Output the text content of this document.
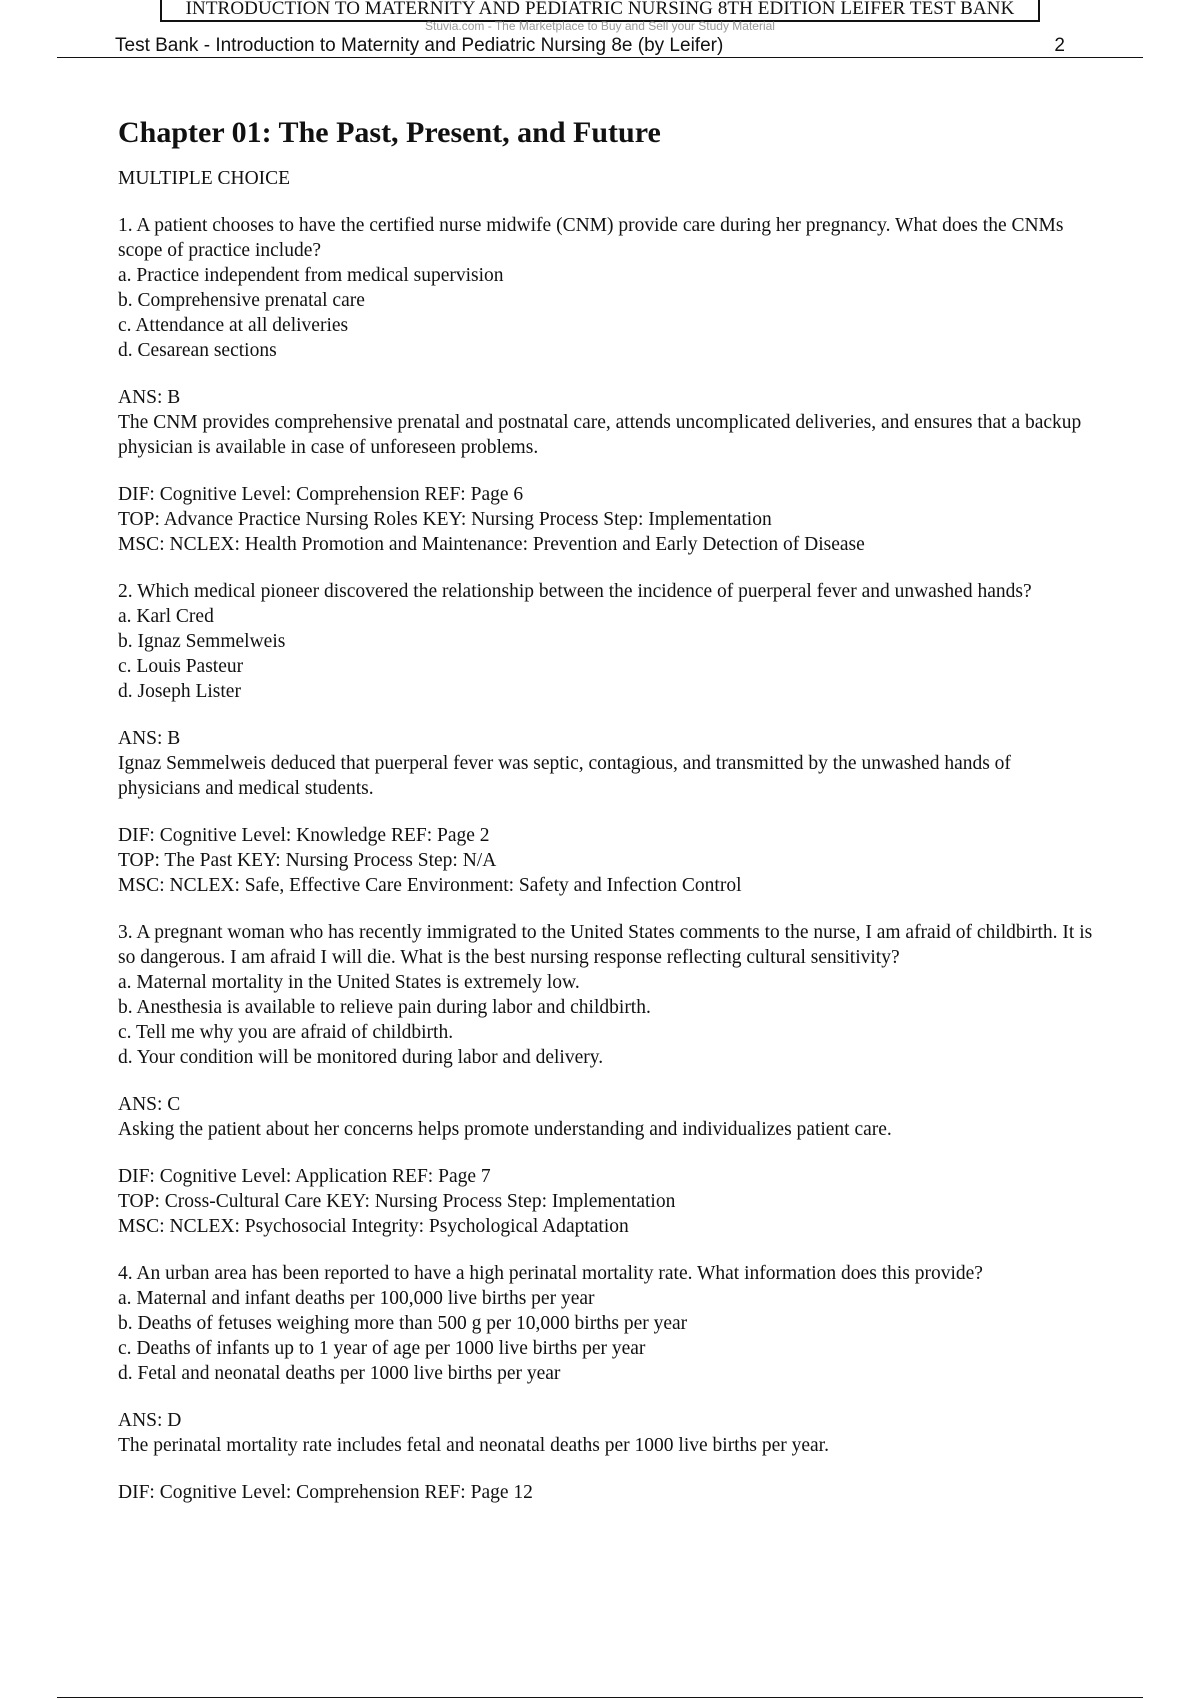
INTRODUCTION TO MATERNITY AND PEDIATRIC NURSING 8TH EDITION LEIFER TEST BANK
Stuvia.com - The Marketplace to Buy and Sell your Study Material
Test Bank - Introduction to Maternity and Pediatric Nursing 8e (by Leifer)	2
Chapter 01: The Past, Present, and Future
MULTIPLE CHOICE

1. A patient chooses to have the certified nurse midwife (CNM) provide care during her pregnancy. What does the CNMs scope of practice include?

a. Practice independent from medical supervision
b. Comprehensive prenatal care
c. Attendance at all deliveries
d. Cesarean sections
ANS: B
The CNM provides comprehensive prenatal and postnatal care, attends uncomplicated deliveries, and ensures that a backup physician is available in case of unforeseen problems.
DIF: Cognitive Level: Comprehension REF: Page 6
TOP: Advance Practice Nursing Roles KEY: Nursing Process Step: Implementation
MSC: NCLEX: Health Promotion and Maintenance: Prevention and Early Detection of Disease

2. Which medical pioneer discovered the relationship between the incidence of puerperal fever and unwashed hands?

a. Karl Cred
b. Ignaz Semmelweis
c. Louis Pasteur
d. Joseph Lister
ANS: B
Ignaz Semmelweis deduced that puerperal fever was septic, contagious, and transmitted by the unwashed hands of physicians and medical students.
DIF: Cognitive Level: Knowledge REF: Page 2
TOP: The Past KEY: Nursing Process Step: N/A
MSC: NCLEX: Safe, Effective Care Environment: Safety and Infection Control

3. A pregnant woman who has recently immigrated to the United States comments to the nurse, I am afraid of childbirth. It is so dangerous. I am afraid I will die. What is the best nursing response reflecting cultural sensitivity?

a. Maternal mortality in the United States is extremely low.
b. Anesthesia is available to relieve pain during labor and childbirth.
c. Tell me why you are afraid of childbirth.
d. Your condition will be monitored during labor and delivery.
ANS: C
Asking the patient about her concerns helps promote understanding and individualizes patient care.
DIF: Cognitive Level: Application REF: Page 7
TOP: Cross-Cultural Care KEY: Nursing Process Step: Implementation
MSC: NCLEX: Psychosocial Integrity: Psychological Adaptation

4. An urban area has been reported to have a high perinatal mortality rate. What information does this provide?

a. Maternal and infant deaths per 100,000 live births per year
b. Deaths of fetuses weighing more than 500 g per 10,000 births per year
c. Deaths of infants up to 1 year of age per 1000 live births per year
d. Fetal and neonatal deaths per 1000 live births per year
ANS: D
The perinatal mortality rate includes fetal and neonatal deaths per 1000 live births per year.
DIF: Cognitive Level: Comprehension REF: Page 12
